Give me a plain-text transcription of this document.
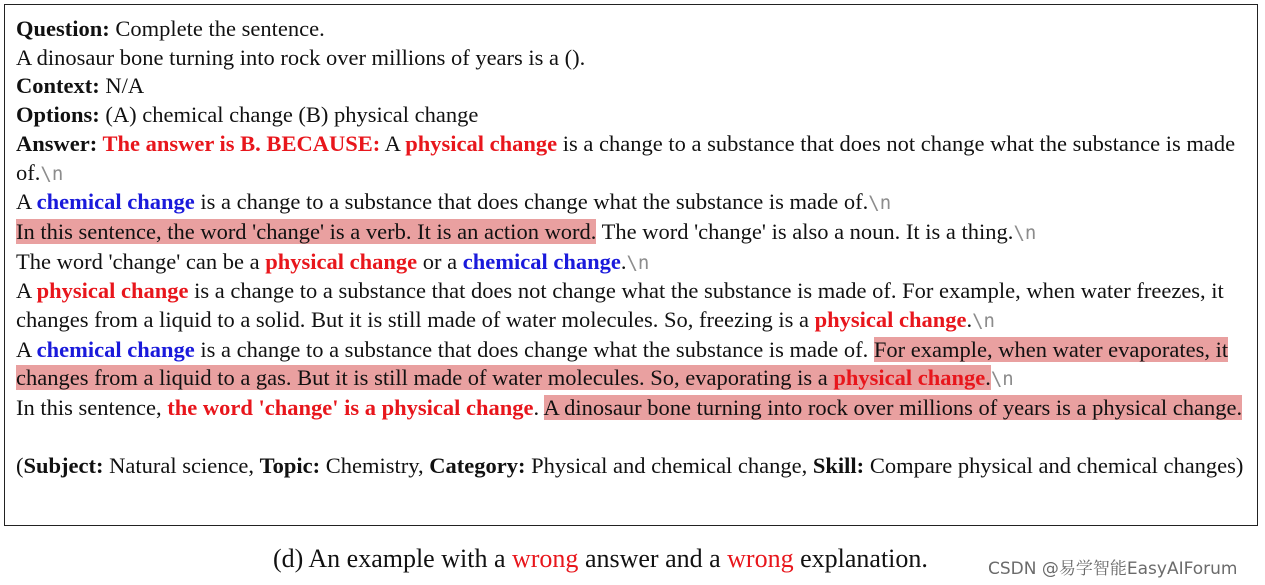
Question: Complete the sentence.

A dinosaur bone turning into rock over millions of years is a ().

Context: N/A

Options: (A) chemical change (B) physical change

Answer: The answer is B. BECAUSE: A physical change is a change to a substance that does not change what the substance is made of.\n

A chemical change is a change to a substance that does change what the substance is made of.\n

In this sentence, the word 'change' is a verb. It is an action word. The word 'change' is also a noun. It is a thing.\n

The word 'change' can be a physical change or a chemical change.\n

A physical change is a change to a substance that does not change what the substance is made of. For example, when water freezes, it changes from a liquid to a solid. But it is still made of water molecules. So, freezing is a physical change.\n

A chemical change is a change to a substance that does change what the substance is made of. For example, when water evaporates, it changes from a liquid to a gas. But it is still made of water molecules. So, evaporating is a physical change.\n

In this sentence, the word 'change' is a physical change. A dinosaur bone turning into rock over millions of years is a physical change.

(Subject: Natural science, Topic: Chemistry, Category: Physical and chemical change, Skill: Compare physical and chemical changes)

(d) An example with a wrong answer and a wrong explanation.	CSDN @易学智能EasyAIForum
